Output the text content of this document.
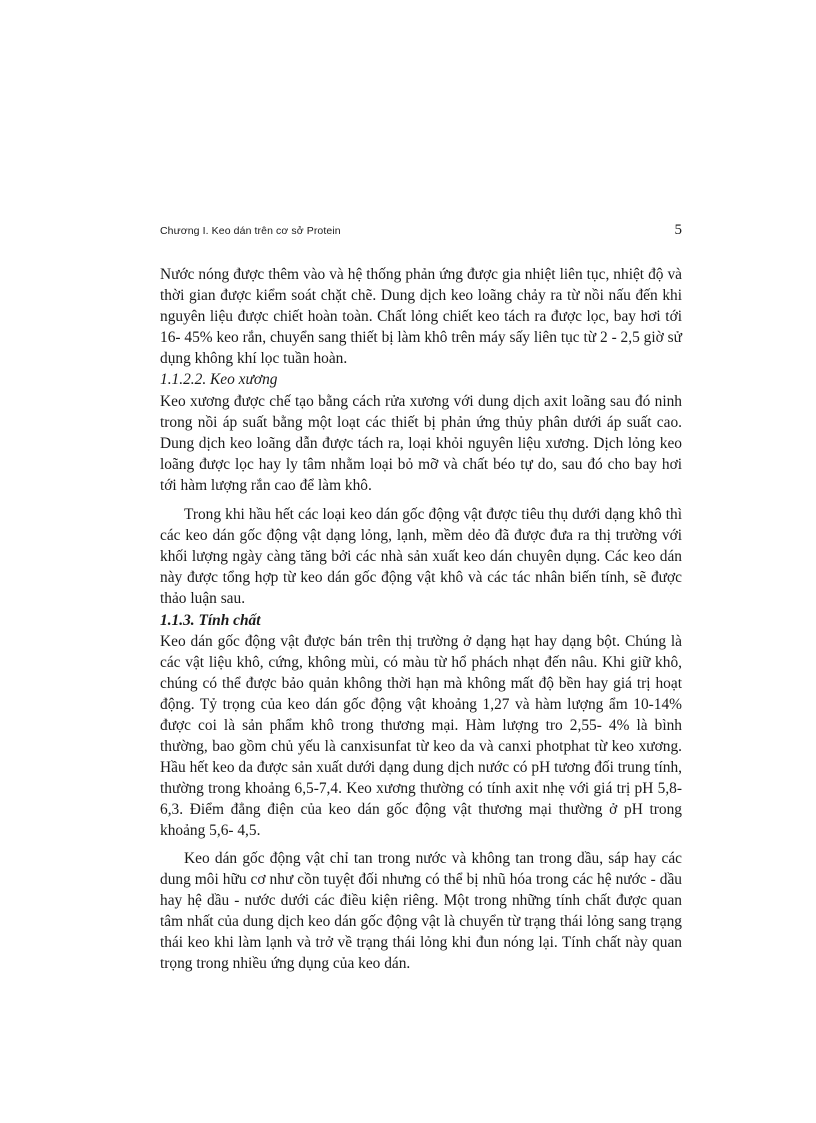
Chương I. Keo dán trên cơ sở Protein	5

Nước nóng được thêm vào và hệ thống phản ứng được gia nhiệt liên tục, nhiệt độ và thời gian được kiểm soát chặt chẽ. Dung dịch keo loãng chảy ra từ nồi nấu đến khi nguyên liệu được chiết hoàn toàn. Chất lỏng chiết keo tách ra được lọc, bay hơi tới 16- 45% keo rắn, chuyển sang thiết bị làm khô trên máy sấy liên tục từ 2 - 2,5 giờ sử dụng không khí lọc tuần hoàn.

1.1.2.2. Keo xương

Keo xương được chế tạo bằng cách rửa xương với dung dịch axit loãng sau đó ninh trong nồi áp suất bằng một loạt các thiết bị phản ứng thủy phân dưới áp suất cao. Dung dịch keo loãng dẫn được tách ra, loại khỏi nguyên liệu xương. Dịch lỏng keo loãng được lọc hay ly tâm nhằm loại bỏ mỡ và chất béo tự do, sau đó cho bay hơi tới hàm lượng rắn cao để làm khô.

Trong khi hầu hết các loại keo dán gốc động vật được tiêu thụ dưới dạng khô thì các keo dán gốc động vật dạng lỏng, lạnh, mềm dẻo đã được đưa ra thị trường với khối lượng ngày càng tăng bởi các nhà sản xuất keo dán chuyên dụng. Các keo dán này được tổng hợp từ keo dán gốc động vật khô và các tác nhân biến tính, sẽ được thảo luận sau.

1.1.3. Tính chất

Keo dán gốc động vật được bán trên thị trường ở dạng hạt hay dạng bột. Chúng là các vật liệu khô, cứng, không mùi, có màu từ hổ phách nhạt đến nâu. Khi giữ khô, chúng có thể được bảo quản không thời hạn mà không mất độ bền hay giá trị hoạt động. Tỷ trọng của keo dán gốc động vật khoảng 1,27 và hàm lượng ẩm 10-14% được coi là sản phẩm khô trong thương mại. Hàm lượng tro 2,55- 4% là bình thường, bao gồm chủ yếu là canxisunfat từ keo da và canxi photphat từ keo xương. Hầu hết keo da được sản xuất dưới dạng dung dịch nước có pH tương đối trung tính, thường trong khoảng 6,5-7,4. Keo xương thường có tính axit nhẹ với giá trị pH 5,8- 6,3. Điểm đẳng điện của keo dán gốc động vật thương mại thường ở pH trong khoảng 5,6- 4,5.

Keo dán gốc động vật chỉ tan trong nước và không tan trong dầu, sáp hay các dung môi hữu cơ như cồn tuyệt đối nhưng có thể bị nhũ hóa trong các hệ nước - dầu hay hệ dầu - nước dưới các điều kiện riêng. Một trong những tính chất được quan tâm nhất của dung dịch keo dán gốc động vật là chuyển từ trạng thái lỏng sang trạng thái keo khi làm lạnh và trở về trạng thái lỏng khi đun nóng lại. Tính chất này quan trọng trong nhiều ứng dụng của keo dán.
